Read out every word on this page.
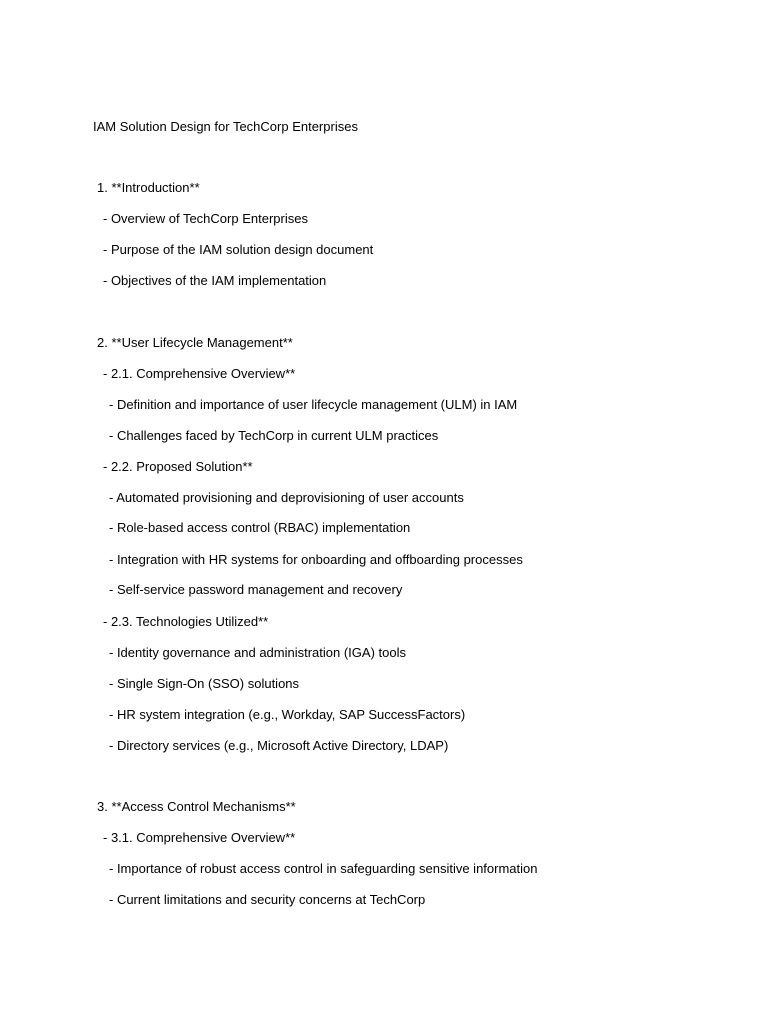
IAM Solution Design for TechCorp Enterprises
1. **Introduction**
- Overview of TechCorp Enterprises
- Purpose of the IAM solution design document
- Objectives of the IAM implementation
2. **User Lifecycle Management**
- 2.1. Comprehensive Overview**
- Definition and importance of user lifecycle management (ULM) in IAM
- Challenges faced by TechCorp in current ULM practices
- 2.2. Proposed Solution**
- Automated provisioning and deprovisioning of user accounts
- Role-based access control (RBAC) implementation
- Integration with HR systems for onboarding and offboarding processes
- Self-service password management and recovery
- 2.3. Technologies Utilized**
- Identity governance and administration (IGA) tools
- Single Sign-On (SSO) solutions
- HR system integration (e.g., Workday, SAP SuccessFactors)
- Directory services (e.g., Microsoft Active Directory, LDAP)
3. **Access Control Mechanisms**
- 3.1. Comprehensive Overview**
- Importance of robust access control in safeguarding sensitive information
- Current limitations and security concerns at TechCorp
